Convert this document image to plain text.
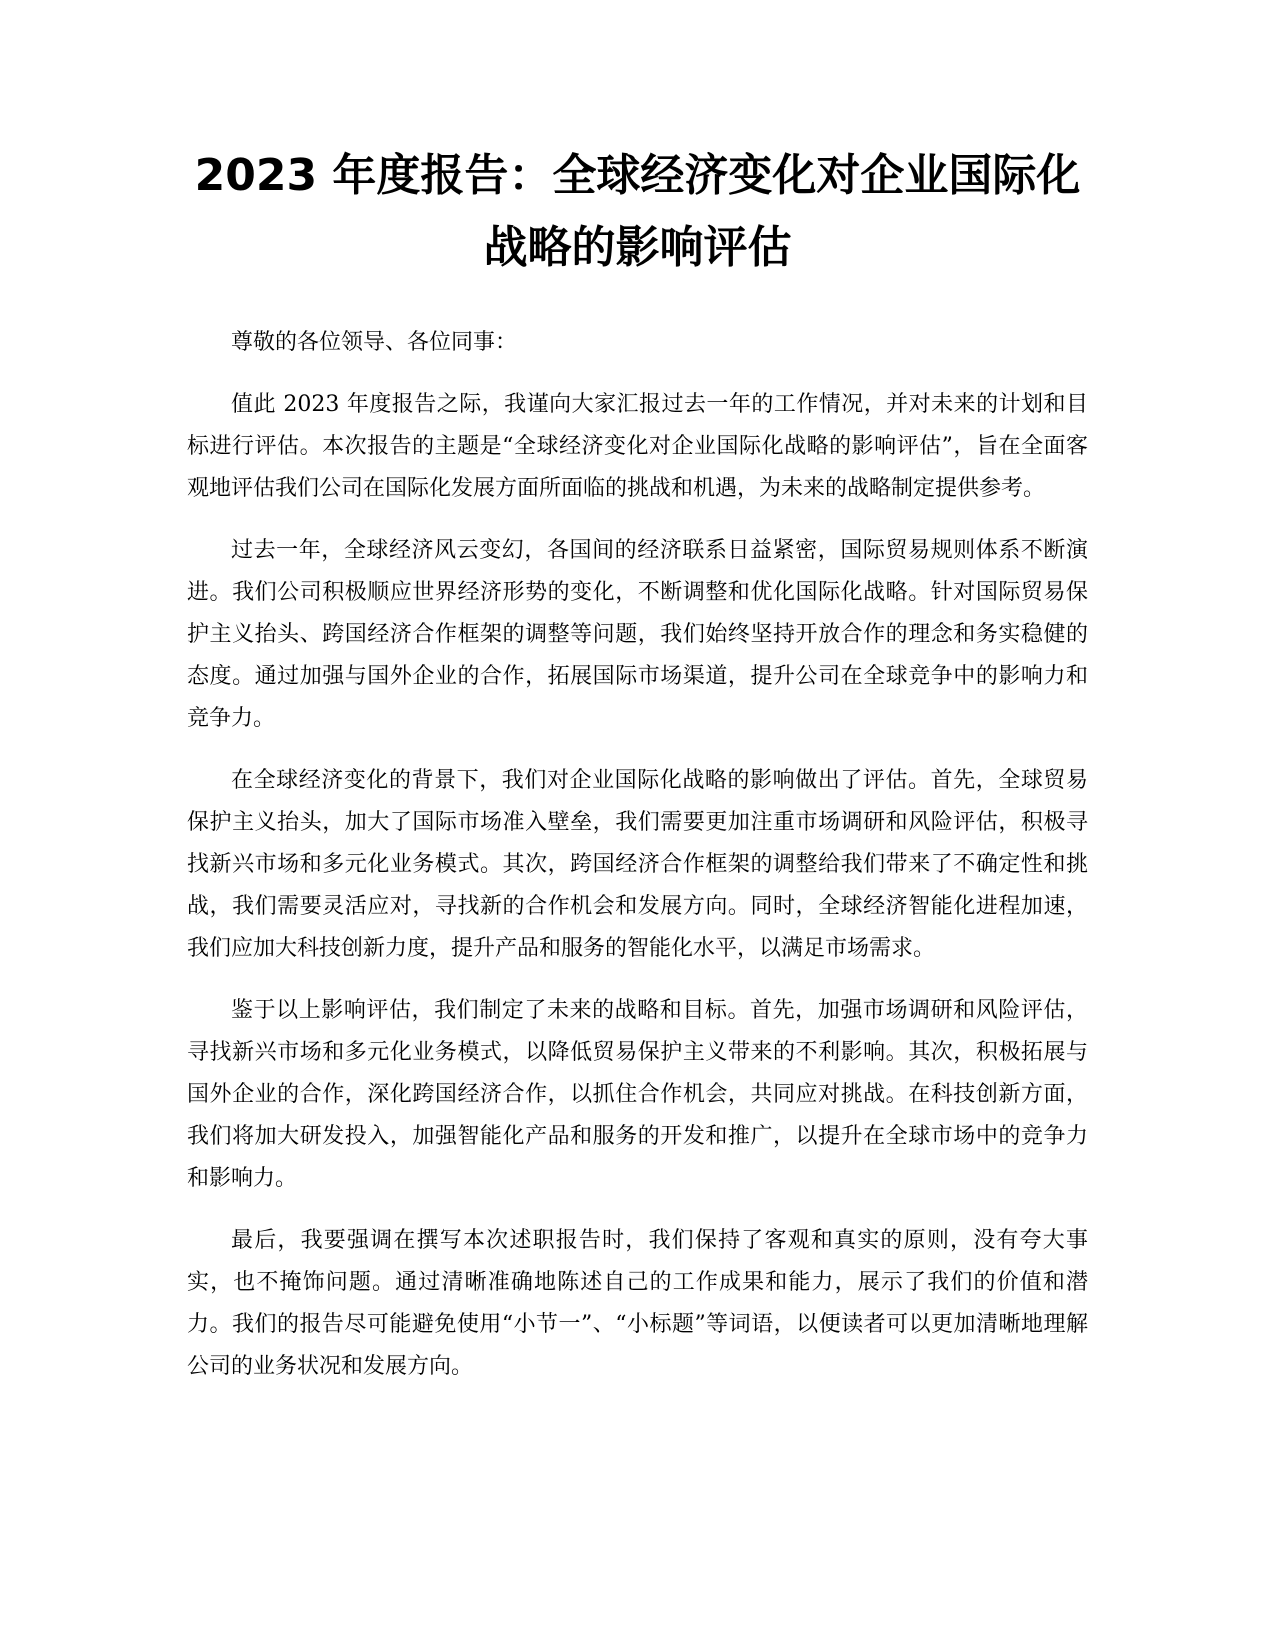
2023 年度报告：全球经济变化对企业国际化
战略的影响评估

尊敬的各位领导、各位同事：

值此 2023 年度报告之际，我谨向大家汇报过去一年的工作情况，并对未来的计划和目标进行评估。本次报告的主题是“全球经济变化对企业国际化战略的影响评估”，旨在全面客观地评估我们公司在国际化发展方面所面临的挑战和机遇，为未来的战略制定提供参考。

过去一年，全球经济风云变幻，各国间的经济联系日益紧密，国际贸易规则体系不断演进。我们公司积极顺应世界经济形势的变化，不断调整和优化国际化战略。针对国际贸易保护主义抬头、跨国经济合作框架的调整等问题，我们始终坚持开放合作的理念和务实稳健的态度。通过加强与国外企业的合作，拓展国际市场渠道，提升公司在全球竞争中的影响力和竞争力。

在全球经济变化的背景下，我们对企业国际化战略的影响做出了评估。首先，全球贸易保护主义抬头，加大了国际市场准入壁垒，我们需要更加注重市场调研和风险评估，积极寻找新兴市场和多元化业务模式。其次，跨国经济合作框架的调整给我们带来了不确定性和挑战，我们需要灵活应对，寻找新的合作机会和发展方向。同时，全球经济智能化进程加速，我们应加大科技创新力度，提升产品和服务的智能化水平，以满足市场需求。

鉴于以上影响评估，我们制定了未来的战略和目标。首先，加强市场调研和风险评估，寻找新兴市场和多元化业务模式，以降低贸易保护主义带来的不利影响。其次，积极拓展与国外企业的合作，深化跨国经济合作，以抓住合作机会，共同应对挑战。在科技创新方面，我们将加大研发投入，加强智能化产品和服务的开发和推广，以提升在全球市场中的竞争力和影响力。

最后，我要强调在撰写本次述职报告时，我们保持了客观和真实的原则，没有夸大事实，也不掩饰问题。通过清晰准确地陈述自己的工作成果和能力，展示了我们的价值和潜力。我们的报告尽可能避免使用“小节一”、“小标题”等词语，以便读者可以更加清晰地理解公司的业务状况和发展方向。
